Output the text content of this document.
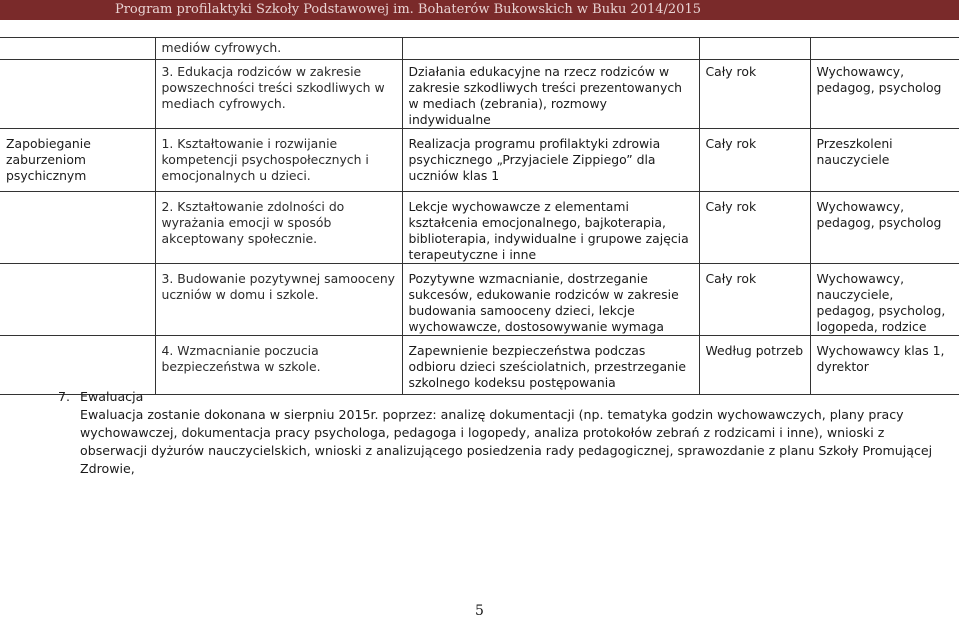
Program profilaktyki Szkoły Podstawowej im. Bohaterów Bukowskich w Buku 2014/2015
	mediów cyfrowych.			
	3. Edukacja rodziców w zakresie powszechności treści szkodliwych w mediach cyfrowych.	Działania edukacyjne na rzecz rodziców w zakresie szkodliwych treści prezentowanych w mediach (zebrania), rozmowy indywidualne	Cały rok	Wychowawcy, pedagog, psycholog
Zapobieganie zaburzeniom psychicznym	1. Kształtowanie i rozwijanie kompetencji psychospołecznych i emocjonalnych u dzieci.	Realizacja programu profilaktyki zdrowia psychicznego „Przyjaciele Zippiego” dla uczniów klas 1	Cały rok	Przeszkoleni nauczyciele
	2. Kształtowanie zdolności do wyrażania emocji w sposób akceptowany społecznie.	Lekcje wychowawcze z elementami kształcenia emocjonalnego, bajkoterapia, biblioterapia, indywidualne i grupowe zajęcia terapeutyczne i inne	Cały rok	Wychowawcy, pedagog, psycholog
	3. Budowanie pozytywnej samooceny uczniów w domu i szkole.	Pozytywne wzmacnianie, dostrzeganie sukcesów, edukowanie rodziców w zakresie budowania samooceny dzieci, lekcje wychowawcze, dostosowywanie wymaga	Cały rok	Wychowawcy, nauczyciele, pedagog, psycholog, logopeda, rodzice
	4. Wzmacnianie poczucia bezpieczeństwa w szkole.	Zapewnienie bezpieczeństwa podczas odbioru dzieci sześciolatnich, przestrzeganie szkolnego kodeksu postępowania	Według potrzeb	Wychowawcy klas 1, dyrektor
7. Ewaluacja
Ewaluacja zostanie dokonana w sierpniu 2015r. poprzez: analizę dokumentacji (np. tematyka godzin wychowawczych, plany pracy wychowawczej, dokumentacja pracy psychologa, pedagoga i logopedy, analiza protokołów zebrań z rodzicami i inne), wnioski z obserwacji dyżurów nauczycielskich, wnioski z analizującego posiedzenia rady pedagogicznej, sprawozdanie z planu Szkoły Promującej Zdrowie,
5
